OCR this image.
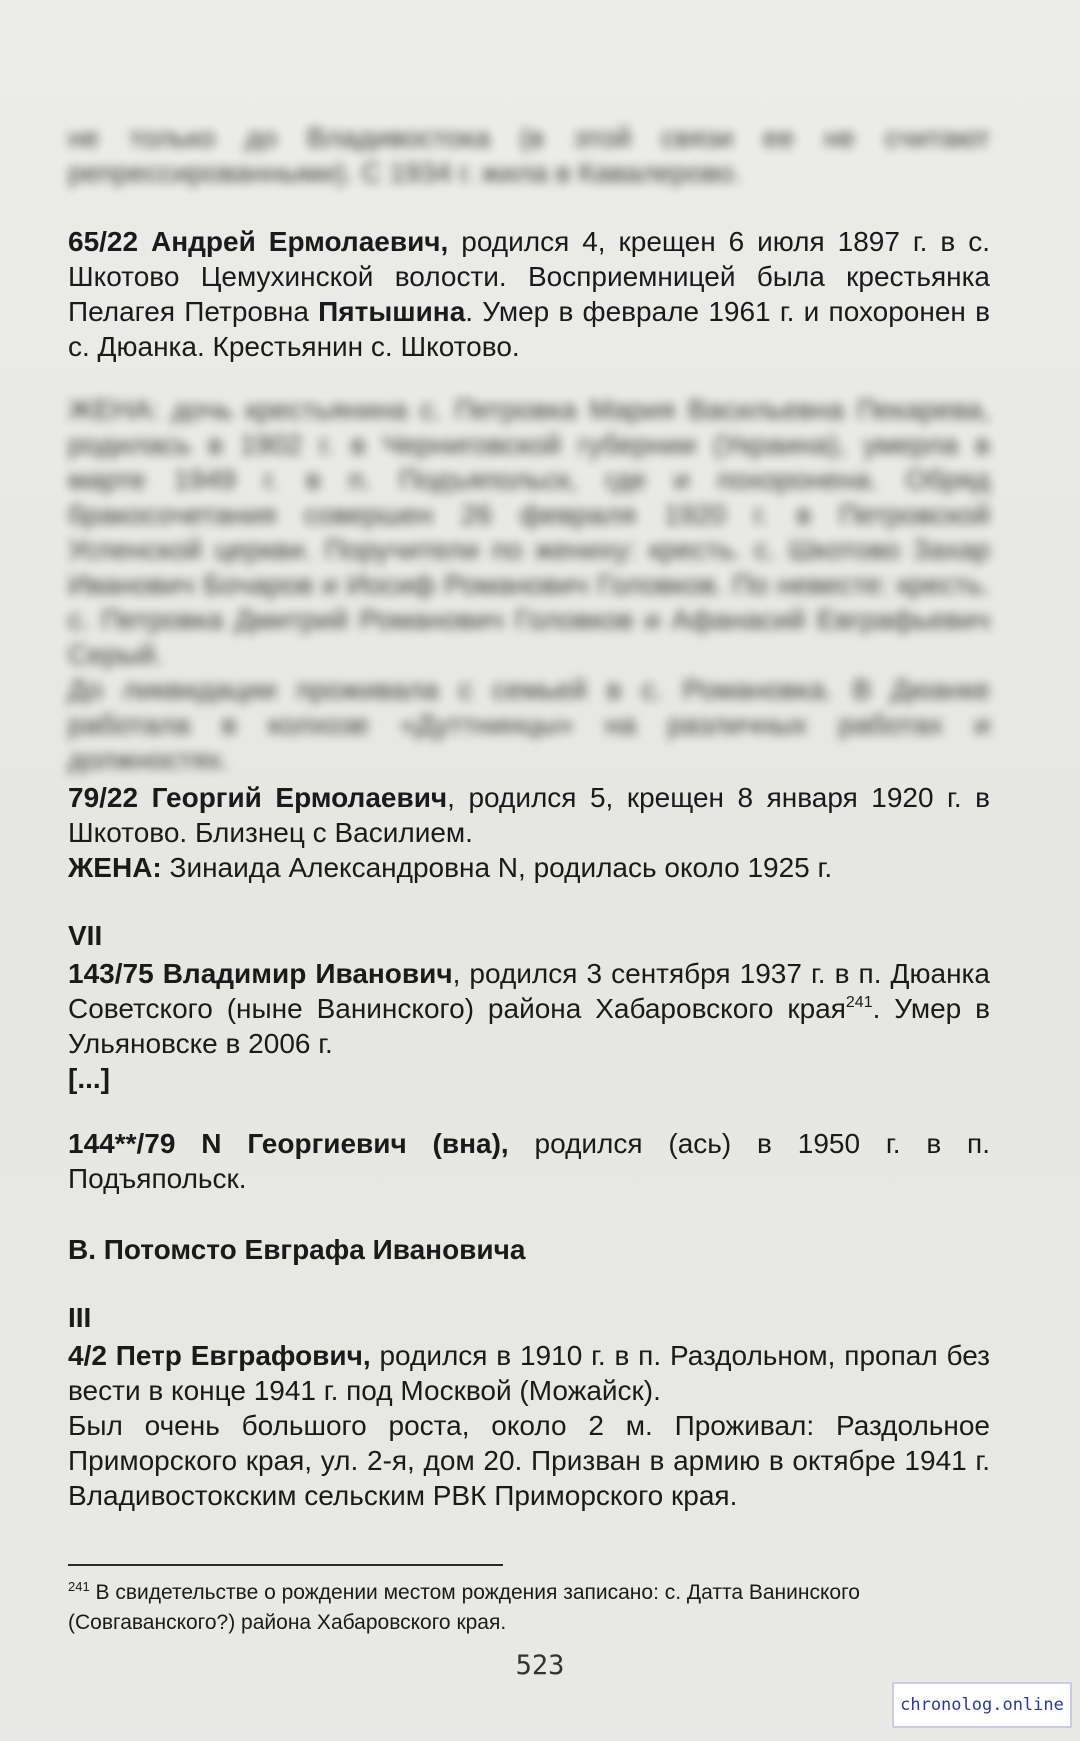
не только до Владивостока (в этой связи ее не считают репрессированными). С 1934 г. жила в Кавалерово.

65/22 Андрей Ермолаевич, родился 4, крещен 6 июля 1897 г. в с. Шкотово Цемухинской волости. Восприемницей была крестьянка Пелагея Петровна Пятышина. Умер в феврале 1961 г. и похоронен в с. Дюанка. Крестьянин с. Шкотово.

ЖЕНА: дочь крестьянина с. Петровка Мария Васильевна Пекарева, родилась в 1902 г. в Черниговской губернии (Украина), умерла в марте 1949 г. в п. Подъяпольск, где и похоронена. Обряд бракосочетания совершен 26 февраля 1920 г. в Петровской Успенской церкви. Поручители по жениху: кресть. с. Шкотово Захар Иванович Бочаров и Иосиф Романович Головков. По невесте: кресть. с. Петровка Дмитрий Романович Головков и Афанасий Евграфьевич Серый.

До ликвидации проживала с семьей в с. Романовка. В Дюанке работала в колхозе «Дуттнинцы» на различных работах и должностях.

79/22 Георгий Ермолаевич, родился 5, крещен 8 января 1920 г. в Шкотово. Близнец с Василием.

ЖЕНА: Зинаида Александровна N, родилась около 1925 г.

VII

143/75 Владимир Иванович, родился 3 сентября 1937 г. в п. Дюанка Советского (ныне Ванинского) района Хабаровского края$^{241}$. Умер в Ульяновске в 2006 г.

[...]

144**/79 N Георгиевич (вна), родился (ась) в 1950 г. в п. Подъяпольск.

В. Потомсто Евграфа Ивановича
III

4/2 Петр Евграфович, родился в 1910 г. в п. Раздольном, пропал без вести в конце 1941 г. под Москвой (Можайск).

Был очень большого роста, около 2 м. Проживал: Раздольное Приморского края, ул. 2-я, дом 20. Призван в армию в октябре 1941 г. Владивостокским сельским РВК Приморского края.

$^{241}$ В свидетельстве о рождении местом рождения записано: с. Датта Ванинского (Совгаванского?) района Хабаровского края.
523
chronolog.online
